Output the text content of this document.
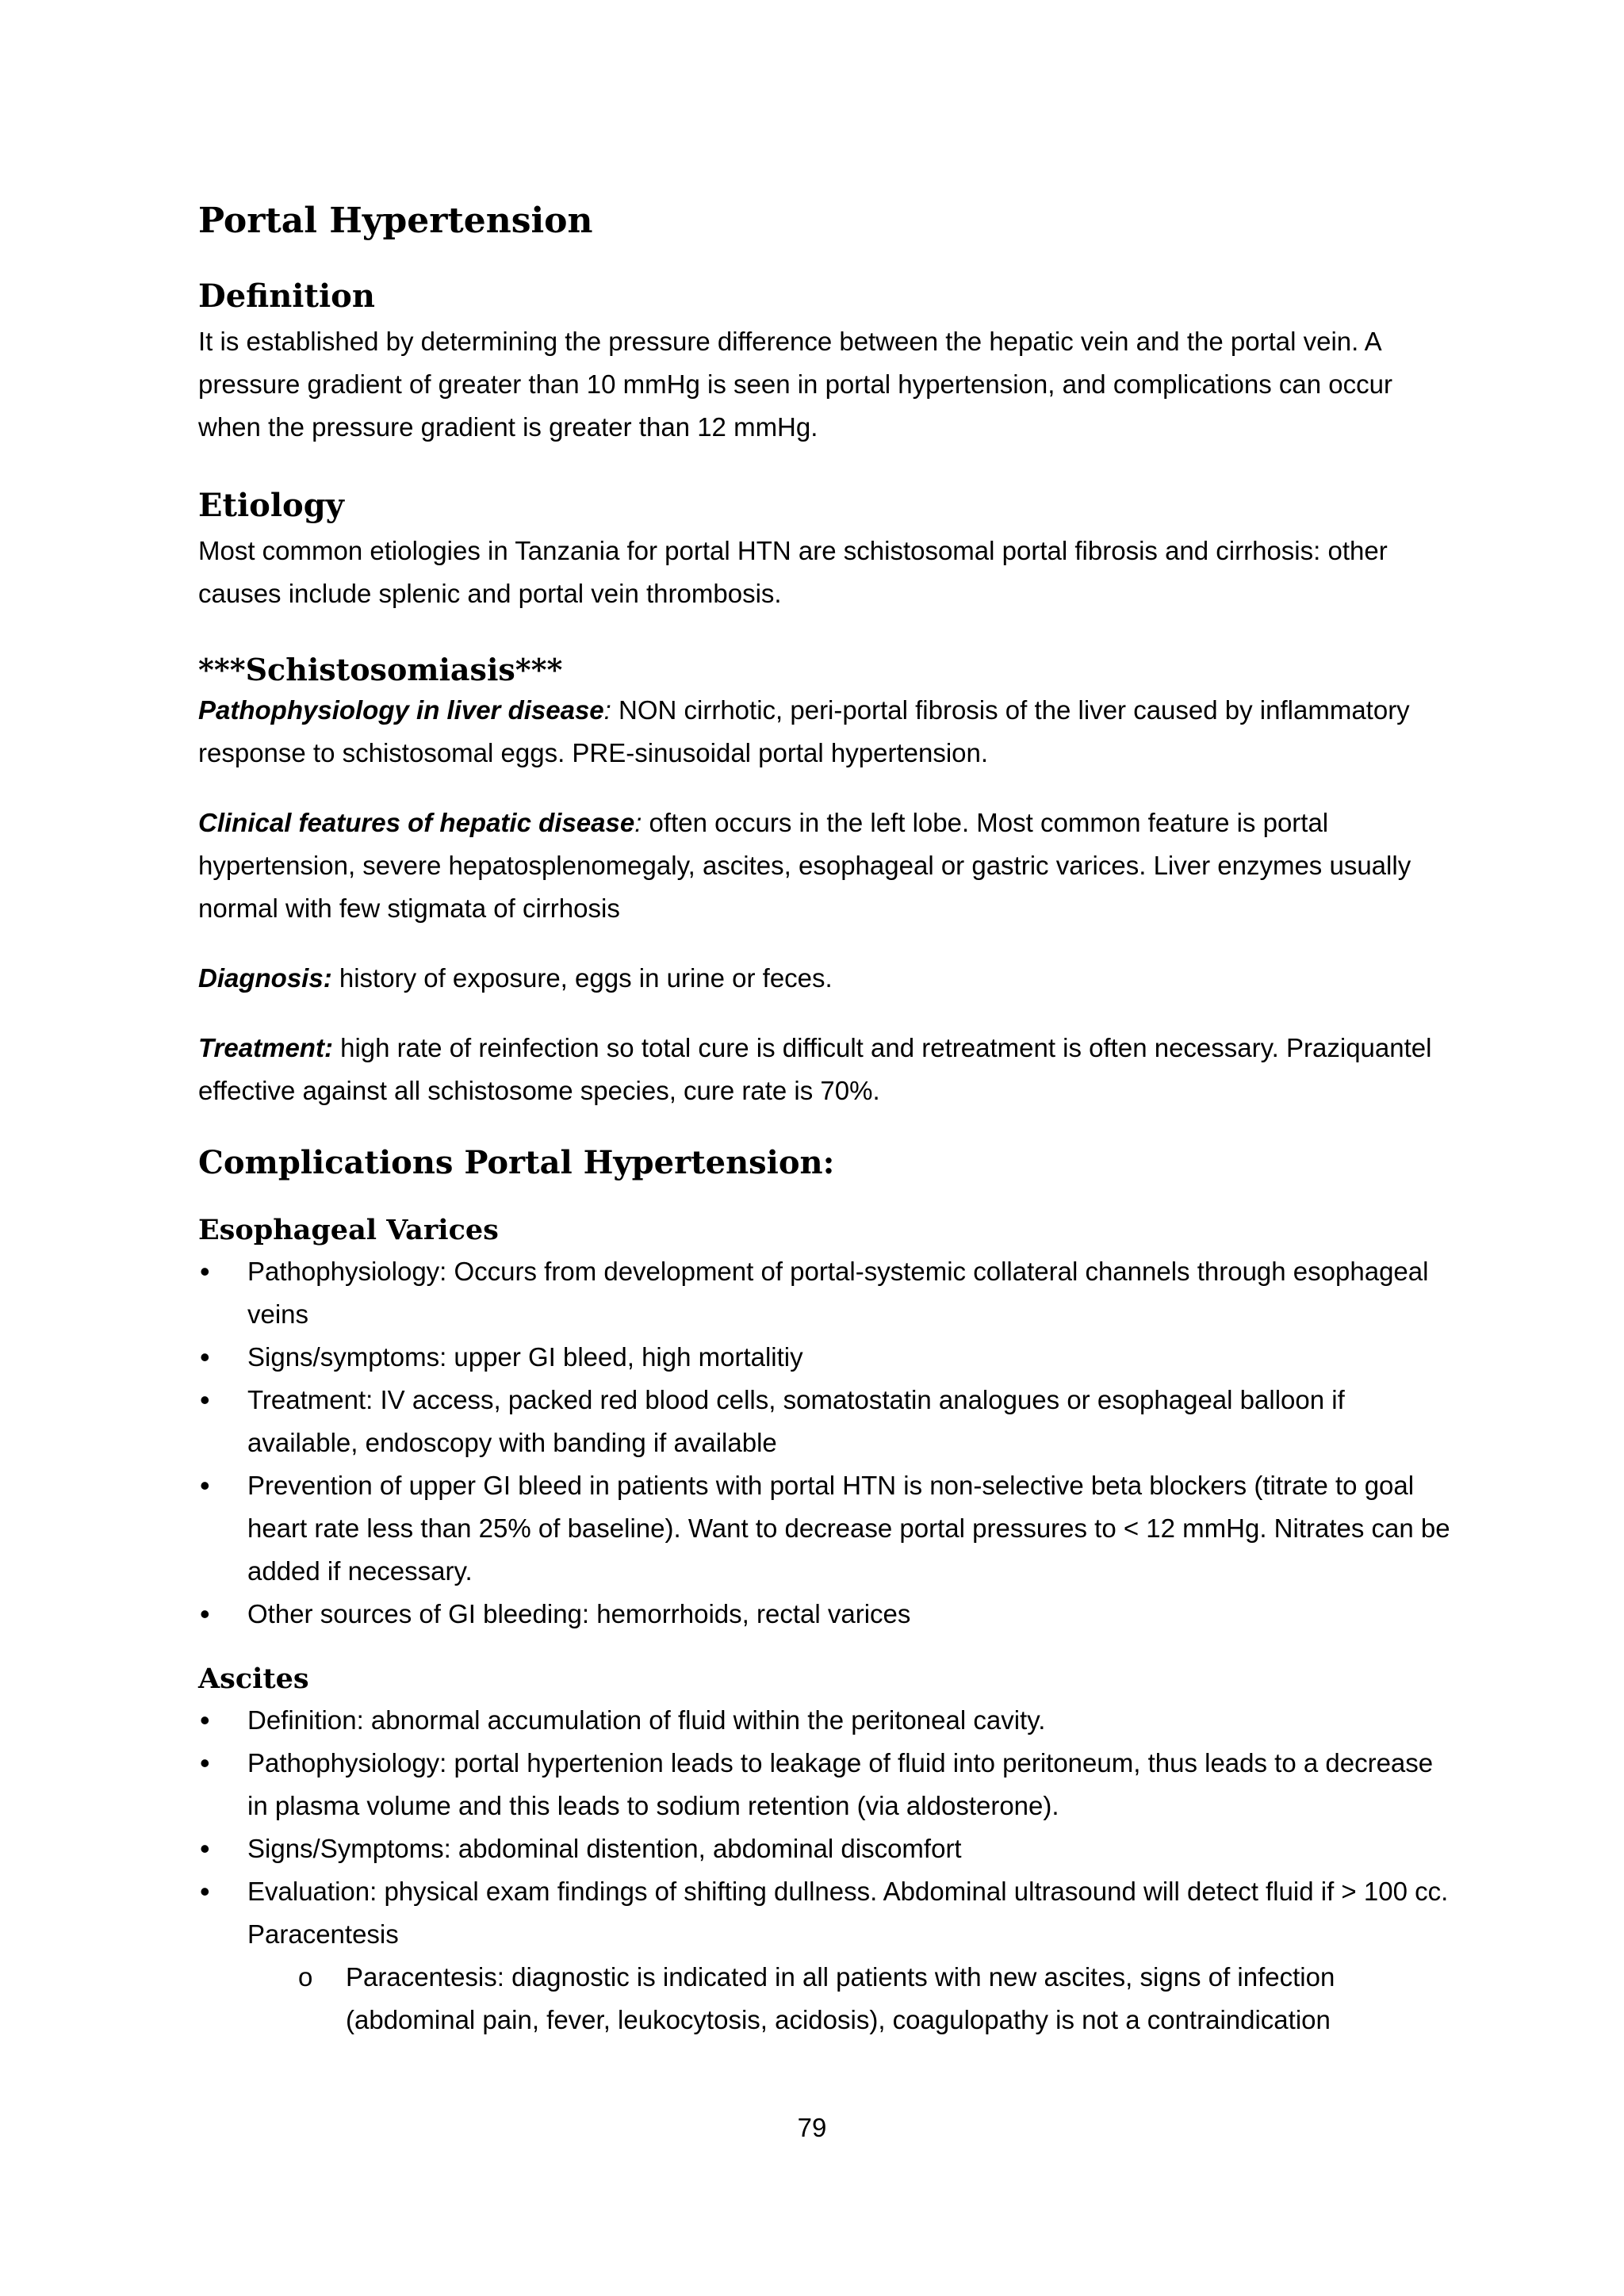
Portal Hypertension
Definition

It is established by determining the pressure difference between the hepatic vein and the portal vein. A pressure gradient of greater than 10 mmHg is seen in portal hypertension, and complications can occur when the pressure gradient is greater than 12 mmHg.

Etiology

Most common etiologies in Tanzania for portal HTN are schistosomal portal fibrosis and cirrhosis: other causes include splenic and portal vein thrombosis.

***Schistosomiasis***

Pathophysiology in liver disease: NON cirrhotic, peri-portal fibrosis of the liver caused by inflammatory response to schistosomal eggs. PRE-sinusoidal portal hypertension.

Clinical features of hepatic disease: often occurs in the left lobe. Most common feature is portal hypertension, severe hepatosplenomegaly, ascites, esophageal or gastric varices. Liver enzymes usually normal with few stigmata of cirrhosis

Diagnosis: history of exposure, eggs in urine or feces.

Treatment: high rate of reinfection so total cure is difficult and retreatment is often necessary. Praziquantel effective against all schistosome species, cure rate is 70%.

Complications Portal Hypertension:
Esophageal Varices
• Pathophysiology: Occurs from development of portal-systemic collateral channels through esophageal veins
• Signs/symptoms: upper GI bleed, high mortalitiy
• Treatment: IV access, packed red blood cells, somatostatin analogues or esophageal balloon if available, endoscopy with banding if available
• Prevention of upper GI bleed in patients with portal HTN is non-selective beta blockers (titrate to goal heart rate less than 25% of baseline). Want to decrease portal pressures to < 12 mmHg. Nitrates can be added if necessary.
• Other sources of GI bleeding: hemorrhoids, rectal varices
Ascites
• Definition: abnormal accumulation of fluid within the peritoneal cavity.
• Pathophysiology: portal hypertenion leads to leakage of fluid into peritoneum, thus leads to a decrease in plasma volume and this leads to sodium retention (via aldosterone).
• Signs/Symptoms: abdominal distention, abdominal discomfort
• Evaluation: physical exam findings of shifting dullness. Abdominal ultrasound will detect fluid if > 100 cc. Paracentesis
o Paracentesis: diagnostic is indicated in all patients with new ascites, signs of infection (abdominal pain, fever, leukocytosis, acidosis), coagulopathy is not a contraindication
79
